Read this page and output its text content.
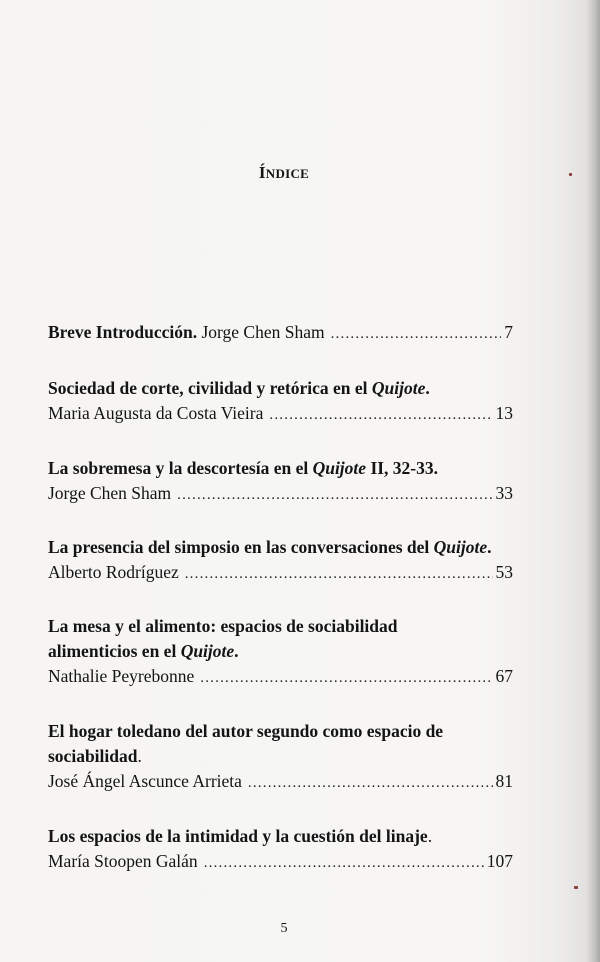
ÍNDICE
Breve Introducción. Jorge Chen Sham .....	7
Sociedad de corte, civilidad y retórica en el Quijote.
Maria Augusta da Costa Vieira .....	13
La sobremesa y la descortesía en el Quijote II, 32-33.
Jorge Chen Sham .....	33
La presencia del simposio en las conversaciones del Quijote.
Alberto Rodríguez .....	53
La mesa y el alimento: espacios de sociabilidad
alimenticios en el Quijote.
Nathalie Peyrebonne .....	67
El hogar toledano del autor segundo como espacio de
sociabilidad.
José Ángel Ascunce Arrieta .....	81
Los espacios de la intimidad y la cuestión del linaje.
María Stoopen Galán .....	107
5
